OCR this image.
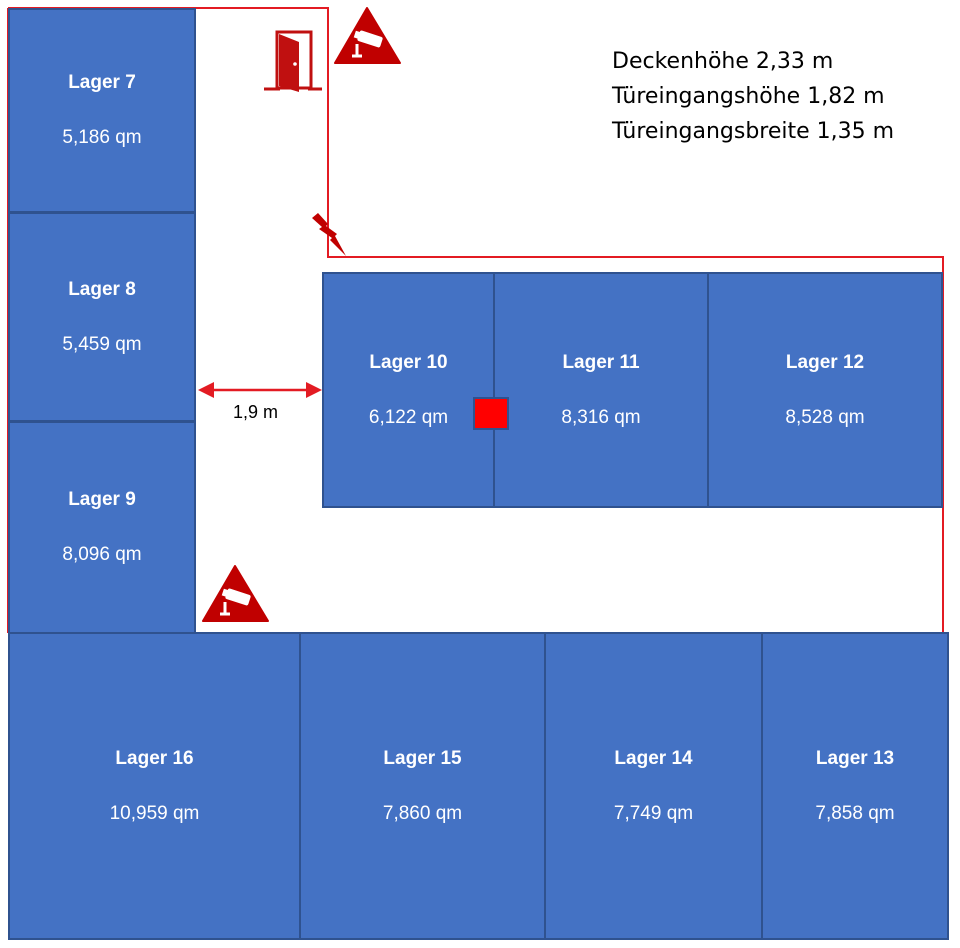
Lager 7
5,186 qm
Lager 8
5,459 qm
Lager 9
8,096 qm
Lager 10
6,122 qm
Lager 11
8,316 qm
Lager 12
8,528 qm
Lager 16
10,959 qm
Lager 15
7,860 qm
Lager 14
7,749 qm
Lager 13
7,858 qm
Deckenhöhe 2,33 m
Türeingangshöhe 1,82 m
Türeingangsbreite 1,35 m
1,9 m
